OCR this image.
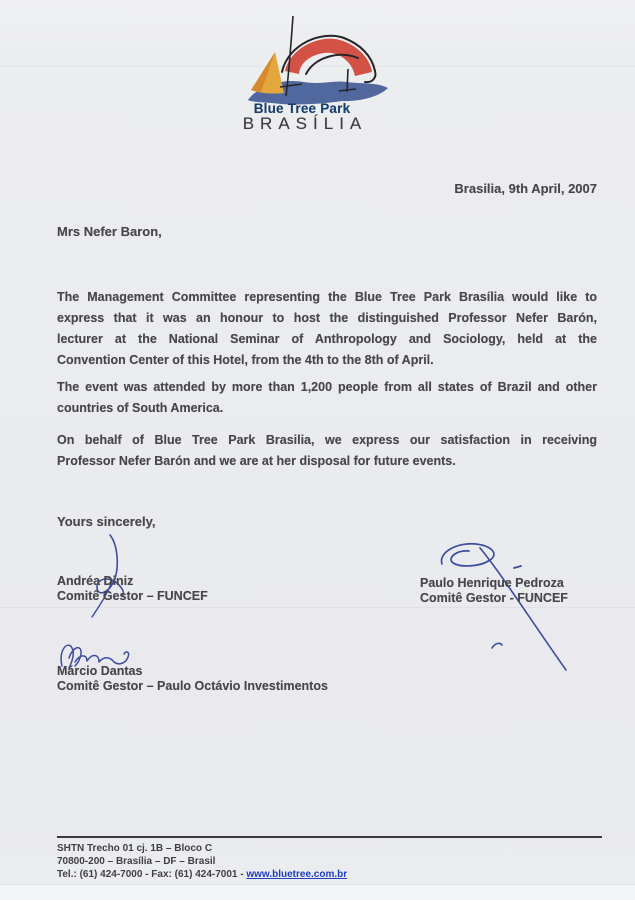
Blue Tree Park
BRASÍLIA
Brasilia, 9th April, 2007
Mrs Nefer Baron,
The Management Committee representing the Blue Tree Park Brasília would like to
express that it was an honour to host the distinguished Professor Nefer Barón,
lecturer at the National Seminar of Anthropology and Sociology, held at the
Convention Center of this Hotel, from the 4th to the 8th of April.
The event was attended by more than 1,200 people from all states of Brazil and other
countries of South America.
On behalf of Blue Tree Park Brasilia, we express our satisfaction in receiving
Professor Nefer Barón and we are at her disposal for future events.
Yours sincerely,
Andréa Diniz
Comitê Gestor – FUNCEF
Paulo Henrique Pedroza
Comitê Gestor - FUNCEF
Márcio Dantas
Comitê Gestor – Paulo Octávio Investimentos
SHTN Trecho 01 cj. 1B – Bloco C
70800-200 – Brasília – DF – Brasil
Tel.: (61) 424-7000 - Fax: (61) 424-7001 - www.bluetree.com.br
